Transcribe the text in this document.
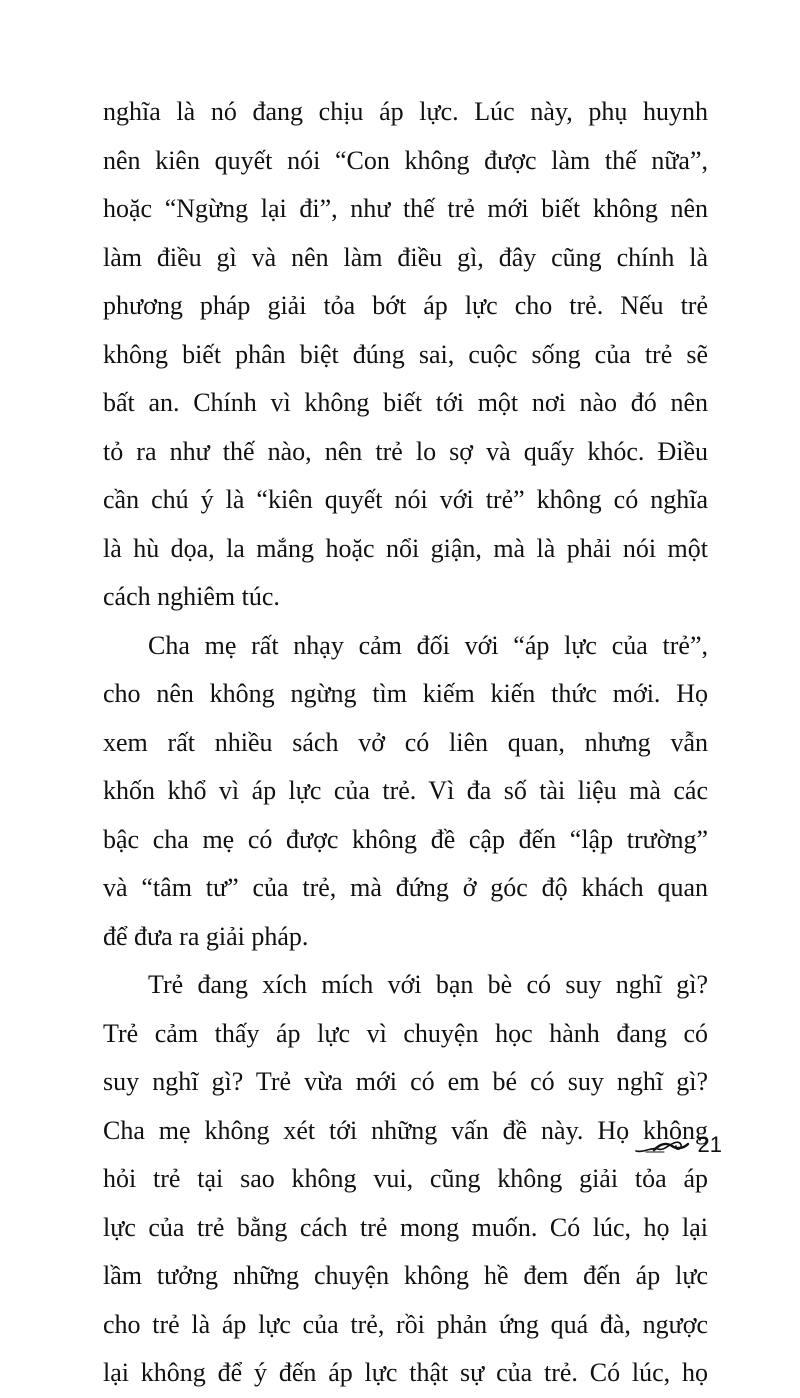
nghĩa là nó đang chịu áp lực. Lúc này, phụ huynh
nên kiên quyết nói “Con không được làm thế nữa”,
hoặc “Ngừng lại đi”, như thế trẻ mới biết không nên
làm điều gì và nên làm điều gì, đây cũng chính là
phương pháp giải tỏa bớt áp lực cho trẻ. Nếu trẻ
không biết phân biệt đúng sai, cuộc sống của trẻ sẽ
bất an. Chính vì không biết tới một nơi nào đó nên
tỏ ra như thế nào, nên trẻ lo sợ và quấy khóc. Điều
cần chú ý là “kiên quyết nói với trẻ” không có nghĩa
là hù dọa, la mắng hoặc nổi giận, mà là phải nói một
cách nghiêm túc.
Cha mẹ rất nhạy cảm đối với “áp lực của trẻ”,
cho nên không ngừng tìm kiếm kiến thức mới. Họ
xem rất nhiều sách vở có liên quan, nhưng vẫn
khốn khổ vì áp lực của trẻ. Vì đa số tài liệu mà các
bậc cha mẹ có được không đề cập đến “lập trường”
và “tâm tư” của trẻ, mà đứng ở góc độ khách quan
để đưa ra giải pháp.
Trẻ đang xích mích với bạn bè có suy nghĩ gì?
Trẻ cảm thấy áp lực vì chuyện học hành đang có
suy nghĩ gì? Trẻ vừa mới có em bé có suy nghĩ gì?
Cha mẹ không xét tới những vấn đề này. Họ không
hỏi trẻ tại sao không vui, cũng không giải tỏa áp
lực của trẻ bằng cách trẻ mong muốn. Có lúc, họ lại
lầm tưởng những chuyện không hề đem đến áp lực
cho trẻ là áp lực của trẻ, rồi phản ứng quá đà, ngược
lại không để ý đến áp lực thật sự của trẻ. Có lúc, họ
21
